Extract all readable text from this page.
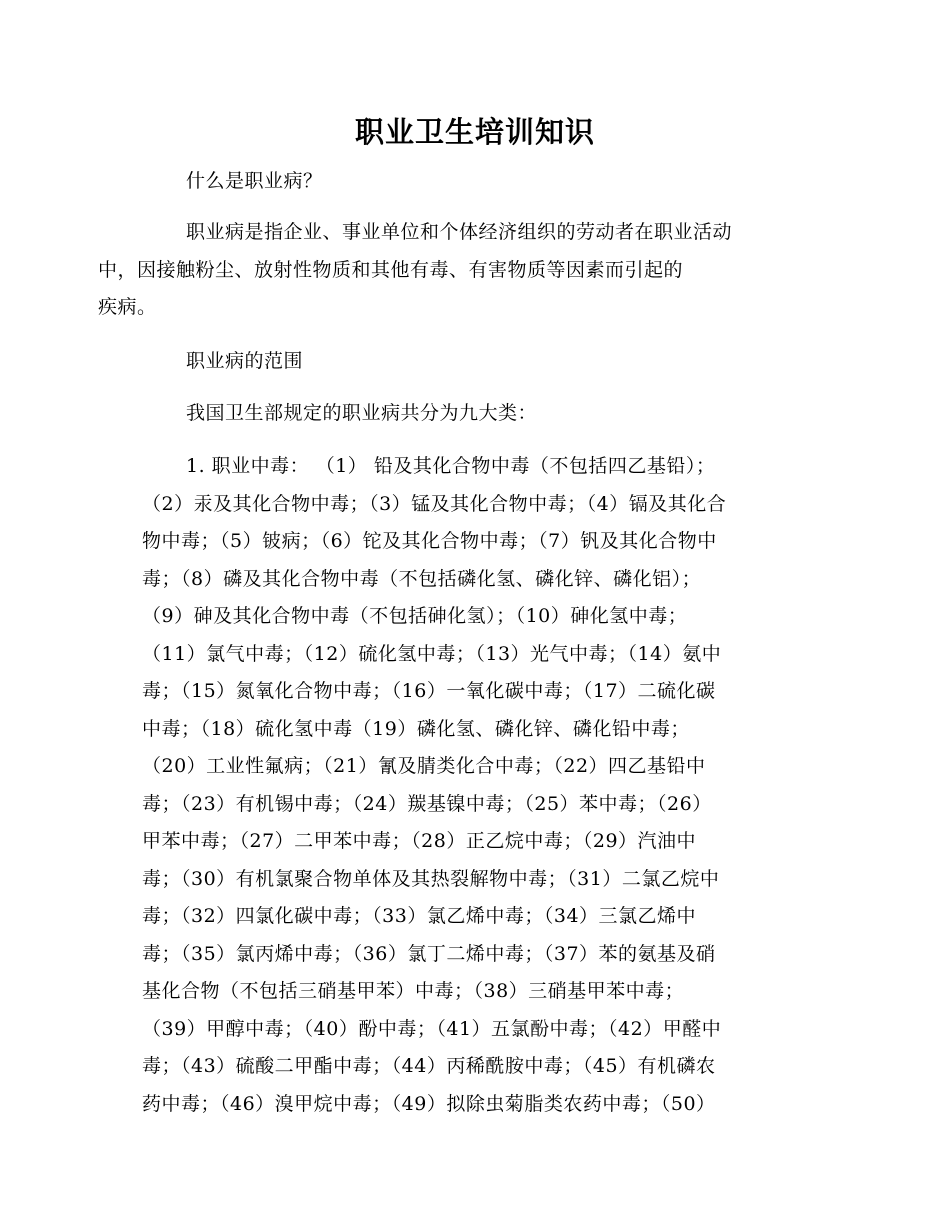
职业卫生培训知识
什么是职业病？
职业病是指企业、事业单位和个体经济组织的劳动者在职业活动
中，因接触粉尘、放射性物质和其他有毒、有害物质等因素而引起的
疾病。
职业病的范围
我国卫生部规定的职业病共分为九大类：
1. 职业中毒： （1） 铅及其化合物中毒（不包括四乙基铅）；
（2）汞及其化合物中毒；（3）锰及其化合物中毒；（4）镉及其化合
物中毒；（5）铍病；（6）铊及其化合物中毒；（7）钒及其化合物中
毒；（8）磷及其化合物中毒（不包括磷化氢、磷化锌、磷化铝）；
（9）砷及其化合物中毒（不包括砷化氢）；（10）砷化氢中毒；
（11）氯气中毒；（12）硫化氢中毒；（13）光气中毒；（14）氨中
毒；（15）氮氧化合物中毒；（16）一氧化碳中毒；（17）二硫化碳
中毒；（18）硫化氢中毒（19）磷化氢、磷化锌、磷化铅中毒；
（20）工业性氟病；（21）氰及腈类化合中毒；（22）四乙基铅中
毒；（23）有机锡中毒；（24）羰基镍中毒；（25）苯中毒；（26）
甲苯中毒；（27）二甲苯中毒；（28）正乙烷中毒；（29）汽油中
毒；（30）有机氯聚合物单体及其热裂解物中毒；（31）二氯乙烷中
毒；（32）四氯化碳中毒；（33）氯乙烯中毒；（34）三氯乙烯中
毒；（35）氯丙烯中毒；（36）氯丁二烯中毒；（37）苯的氨基及硝
基化合物（不包括三硝基甲苯）中毒；（38）三硝基甲苯中毒；
（39）甲醇中毒；（40）酚中毒；（41）五氯酚中毒；（42）甲醛中
毒；（43）硫酸二甲酯中毒；（44）丙稀酰胺中毒；（45）有机磷农
药中毒；（46）溴甲烷中毒；（49）拟除虫菊脂类农药中毒；（50）
